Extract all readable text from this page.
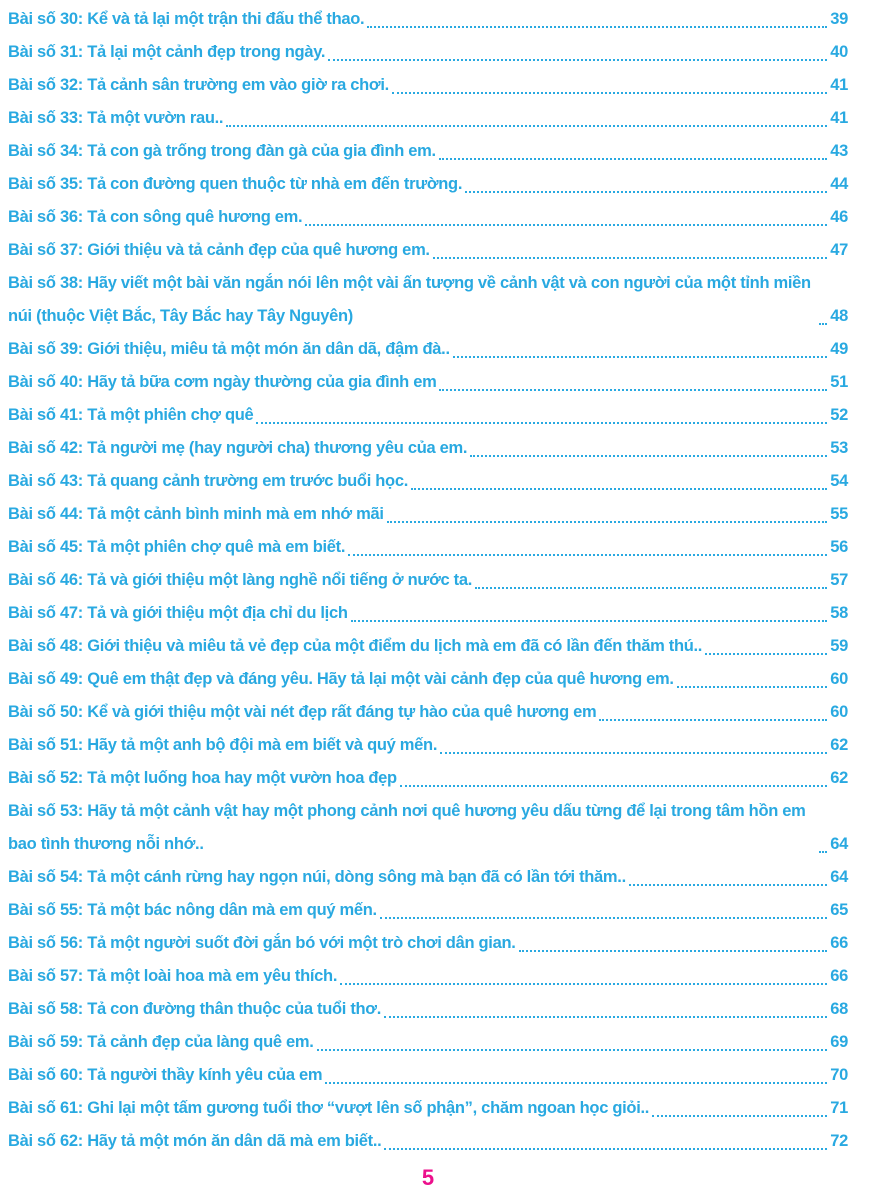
Bài số 30: Kể và tả lại một trận thi đấu thể thao.	39
Bài số 31: Tả lại một cảnh đẹp trong ngày.	40
Bài số 32: Tả cảnh sân trường em vào giờ ra chơi.	41
Bài số 33: Tả một vườn rau..	41
Bài số 34: Tả con gà trống trong đàn gà của gia đình em.	43
Bài số 35: Tả con đường quen thuộc từ nhà em đến trường.	44
Bài số 36: Tả con sông quê hương em.	46
Bài số 37: Giới thiệu và tả cảnh đẹp của quê hương em.	47
Bài số 38: Hãy viết một bài văn ngắn nói lên một vài ấn tượng về cảnh vật và con người của một tỉnh miền núi (thuộc Việt Bắc, Tây Bắc hay Tây Nguyên)	48
Bài số 39: Giới thiệu, miêu tả một món ăn dân dã, đậm đà..	49
Bài số 40: Hãy tả bữa cơm ngày thường của gia đình em	51
Bài số 41: Tả một phiên chợ quê	52
Bài số 42: Tả người mẹ (hay người cha) thương yêu của em.	53
Bài số 43: Tả quang cảnh trường em trước buổi học.	54
Bài số 44: Tả một cảnh bình minh mà em nhớ mãi	55
Bài số 45: Tả một phiên chợ quê mà em biết.	56
Bài số 46: Tả và giới thiệu một làng nghề nổi tiếng ở nước ta.	57
Bài số 47: Tả và giới thiệu một địa chỉ du lịch	58
Bài số 48: Giới thiệu và miêu tả vẻ đẹp của một điểm du lịch mà em đã có lần đến thăm thú..	59
Bài số 49: Quê em thật đẹp và đáng yêu. Hãy tả lại một vài cảnh đẹp của quê hương em.	60
Bài số 50: Kể và giới thiệu một vài nét đẹp rất đáng tự hào của quê hương em	60
Bài số 51: Hãy tả một anh bộ đội mà em biết và quý mến.	62
Bài số 52: Tả một luống hoa hay một vườn hoa đẹp	62
Bài số 53: Hãy tả một cảnh vật hay một phong cảnh nơi quê hương yêu dấu từng để lại trong tâm hồn em bao tình thương nỗi nhớ..	64
Bài số 54: Tả một cánh rừng hay ngọn núi, dòng sông mà bạn đã có lần tới thăm..	64
Bài số 55: Tả một bác nông dân mà em quý mến.	65
Bài số 56: Tả một người suốt đời gắn bó với một trò chơi dân gian.	66
Bài số 57: Tả một loài hoa mà em yêu thích.	66
Bài số 58: Tả con đường thân thuộc của tuổi thơ.	68
Bài số 59: Tả cảnh đẹp của làng quê em.	69
Bài số 60: Tả người thầy kính yêu của em	70
Bài số 61: Ghi lại một tấm gương tuổi thơ “vượt lên số phận”, chăm ngoan học giỏi..	71
Bài số 62: Hãy tả một món ăn dân dã mà em biết..	72
5
